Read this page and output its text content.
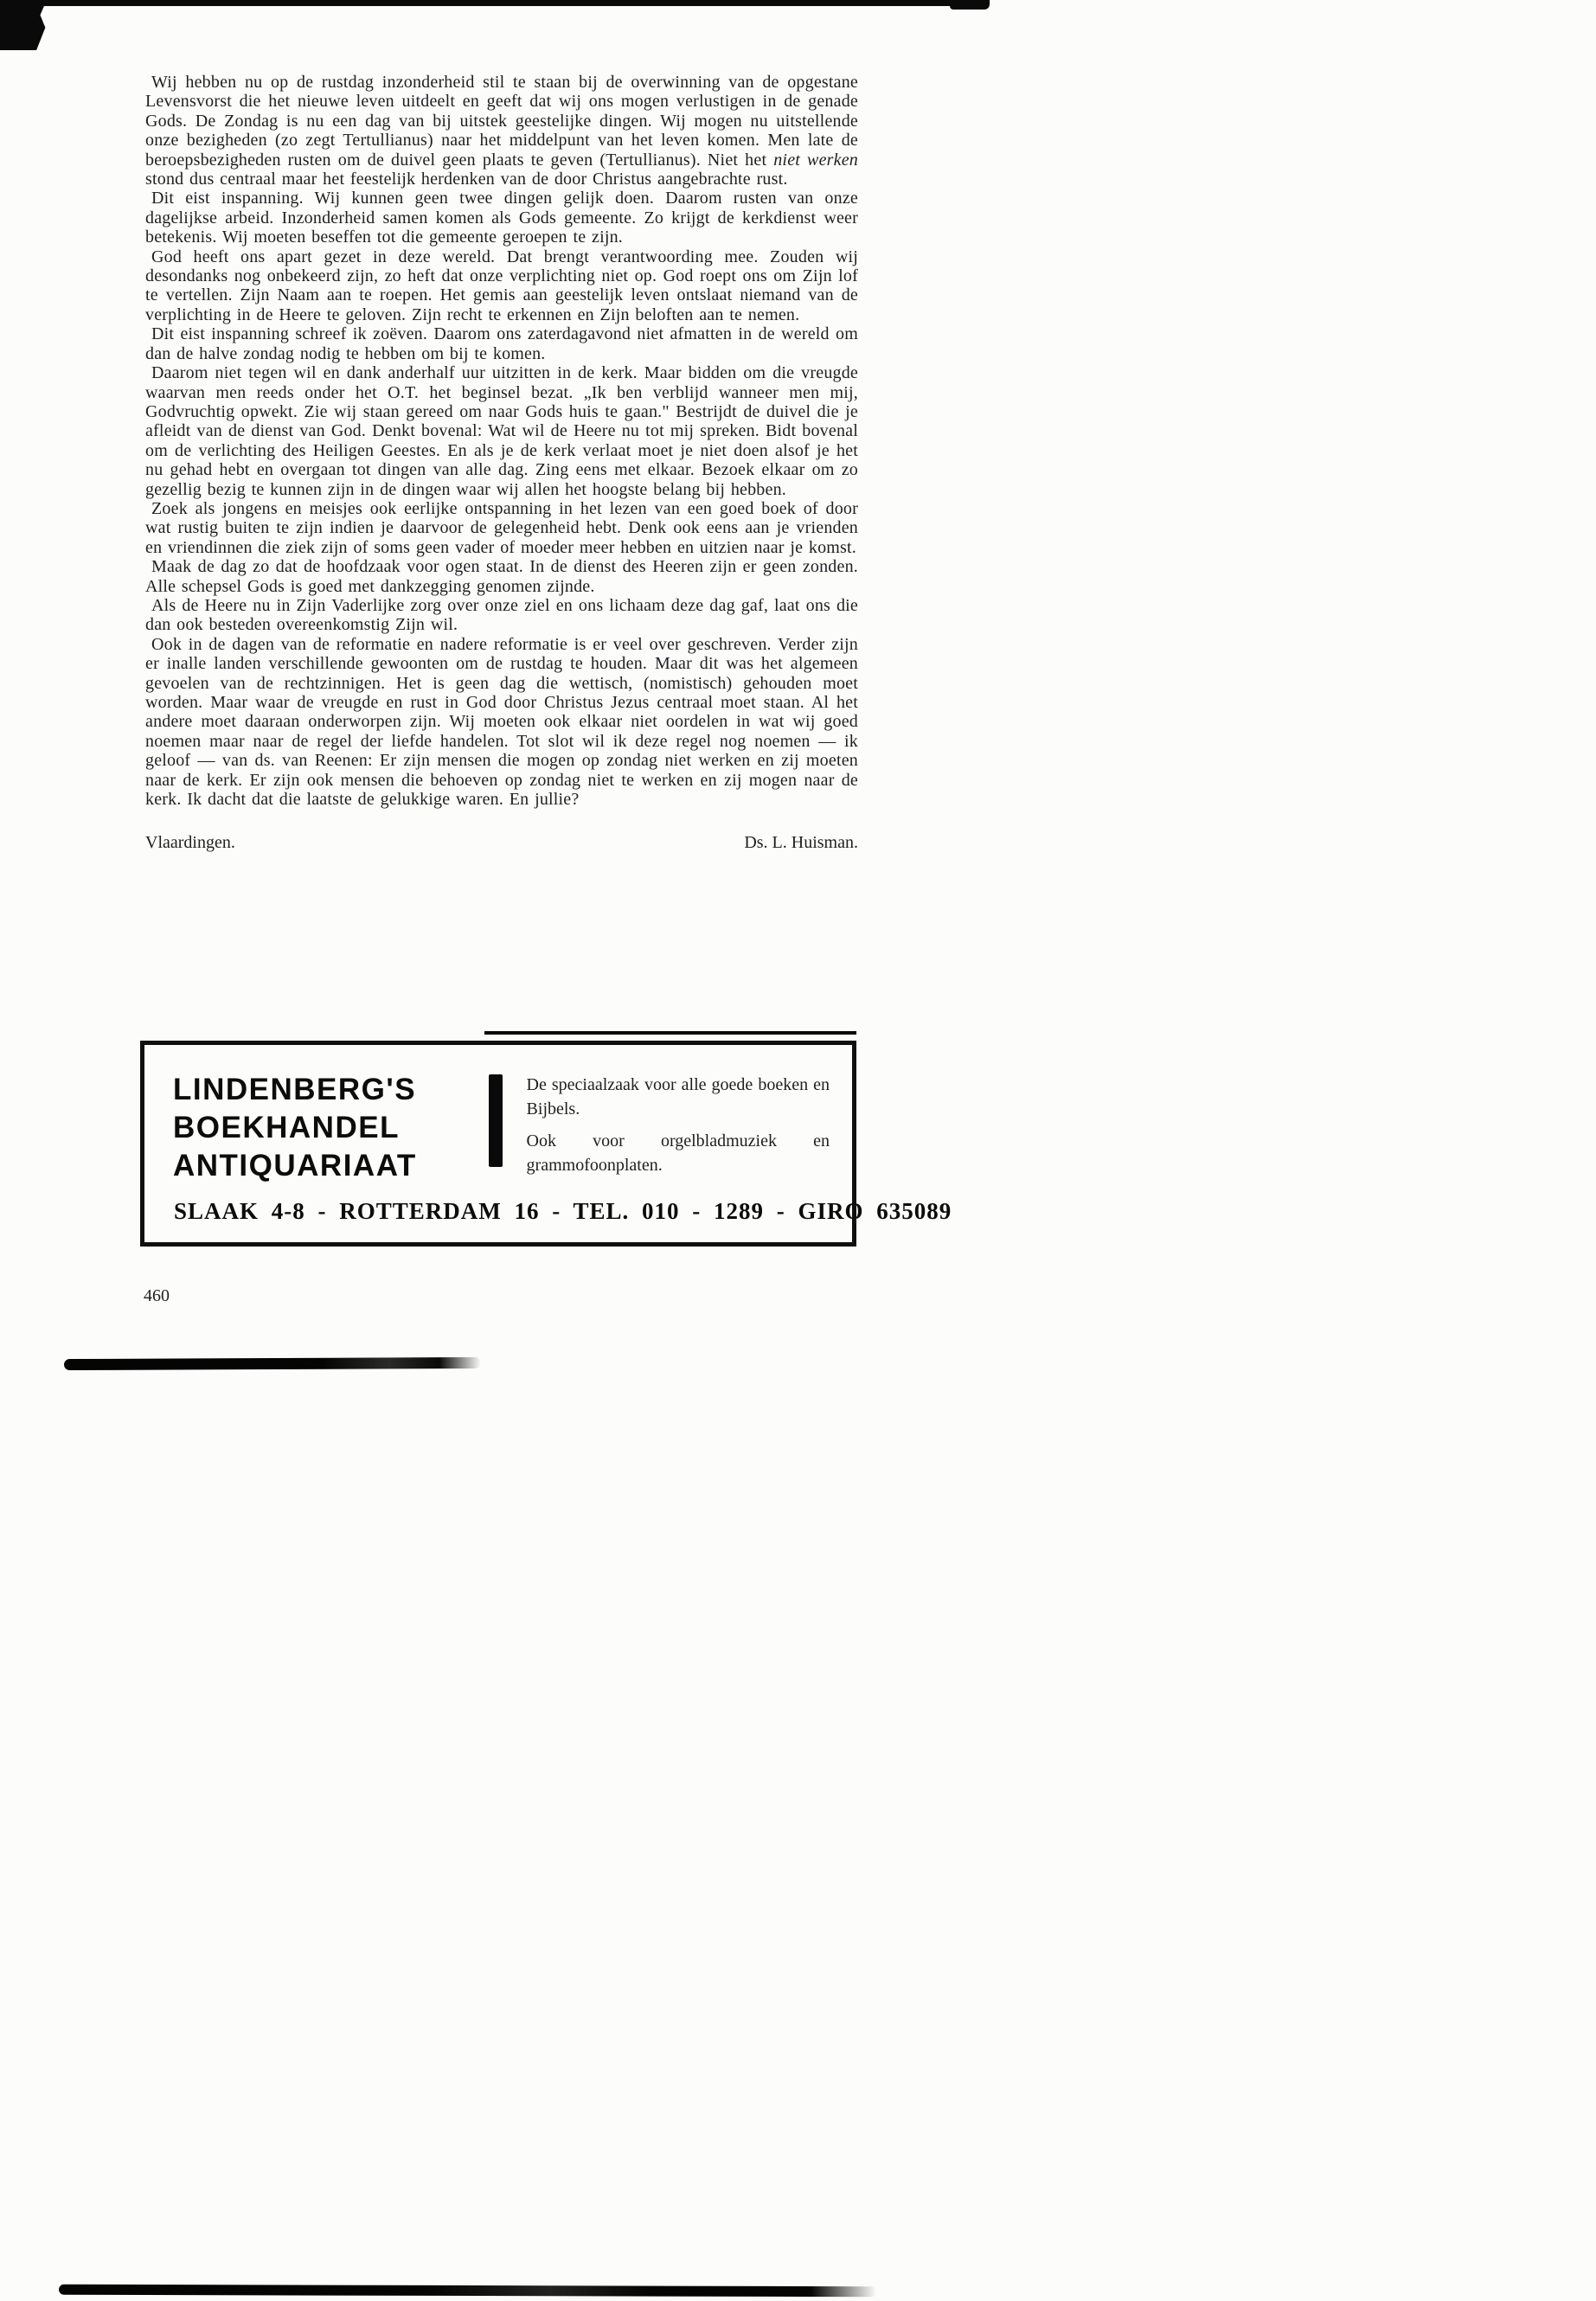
Wij hebben nu op de rustdag inzonderheid stil te staan bij de overwinning van de opgestane Levensvorst die het nieuwe leven uitdeelt en geeft dat wij ons mogen verlustigen in de genade Gods. De Zondag is nu een dag van bij uitstek geestelijke dingen. Wij mogen nu uitstellende onze bezigheden (zo zegt Tertullianus) naar het middelpunt van het leven komen. Men late de beroepsbezigheden rusten om de duivel geen plaats te geven (Tertullianus). Niet het niet werken stond dus centraal maar het feestelijk herdenken van de door Christus aangebrachte rust.

Dit eist inspanning. Wij kunnen geen twee dingen gelijk doen. Daarom rusten van onze dagelijkse arbeid. Inzonderheid samen komen als Gods gemeente. Zo krijgt de kerkdienst weer betekenis. Wij moeten beseffen tot die gemeente geroepen te zijn.

God heeft ons apart gezet in deze wereld. Dat brengt verantwoording mee. Zouden wij desondanks nog onbekeerd zijn, zo heft dat onze verplichting niet op. God roept ons om Zijn lof te vertellen. Zijn Naam aan te roepen. Het gemis aan geestelijk leven ontslaat niemand van de verplichting in de Heere te geloven. Zijn recht te erkennen en Zijn beloften aan te nemen.

Dit eist inspanning schreef ik zoëven. Daarom ons zaterdagavond niet afmatten in de wereld om dan de halve zondag nodig te hebben om bij te komen.

Daarom niet tegen wil en dank anderhalf uur uitzitten in de kerk. Maar bidden om die vreugde waarvan men reeds onder het O.T. het beginsel bezat. „Ik ben verblijd wanneer men mij, Godvruchtig opwekt. Zie wij staan gereed om naar Gods huis te gaan." Bestrijdt de duivel die je afleidt van de dienst van God. Denkt bovenal: Wat wil de Heere nu tot mij spreken. Bidt bovenal om de verlichting des Heiligen Geestes. En als je de kerk verlaat moet je niet doen alsof je het nu gehad hebt en overgaan tot dingen van alle dag. Zing eens met elkaar. Bezoek elkaar om zo gezellig bezig te kunnen zijn in de dingen waar wij allen het hoogste belang bij hebben.

Zoek als jongens en meisjes ook eerlijke ontspanning in het lezen van een goed boek of door wat rustig buiten te zijn indien je daarvoor de gelegenheid hebt. Denk ook eens aan je vrienden en vriendinnen die ziek zijn of soms geen vader of moeder meer hebben en uitzien naar je komst.

Maak de dag zo dat de hoofdzaak voor ogen staat. In de dienst des Heeren zijn er geen zonden. Alle schepsel Gods is goed met dankzegging genomen zijnde.

Als de Heere nu in Zijn Vaderlijke zorg over onze ziel en ons lichaam deze dag gaf, laat ons die dan ook besteden overeenkomstig Zijn wil.

Ook in de dagen van de reformatie en nadere reformatie is er veel over geschreven. Verder zijn er inalle landen verschillende gewoonten om de rustdag te houden. Maar dit was het algemeen gevoelen van de rechtzinnigen. Het is geen dag die wettisch, (nomistisch) gehouden moet worden. Maar waar de vreugde en rust in God door Christus Jezus centraal moet staan. Al het andere moet daaraan onderworpen zijn. Wij moeten ook elkaar niet oordelen in wat wij goed noemen maar naar de regel der liefde handelen. Tot slot wil ik deze regel nog noemen — ik geloof — van ds. van Reenen: Er zijn mensen die mogen op zondag niet werken en zij moeten naar de kerk. Er zijn ook mensen die behoeven op zondag niet te werken en zij mogen naar de kerk. Ik dacht dat die laatste de gelukkige waren. En jullie?

Vlaardingen.	Ds. L. Huisman.
LINDENBERG'S
BOEKHANDEL
ANTIQUARIAAT

De speciaalzaak voor alle goede boeken en Bijbels.

Ook voor orgelbladmuziek en grammofoonplaten.

SLAAK 4-8 - ROTTERDAM 16 - TEL. 010 - 1289 - GIRO 635089
460
